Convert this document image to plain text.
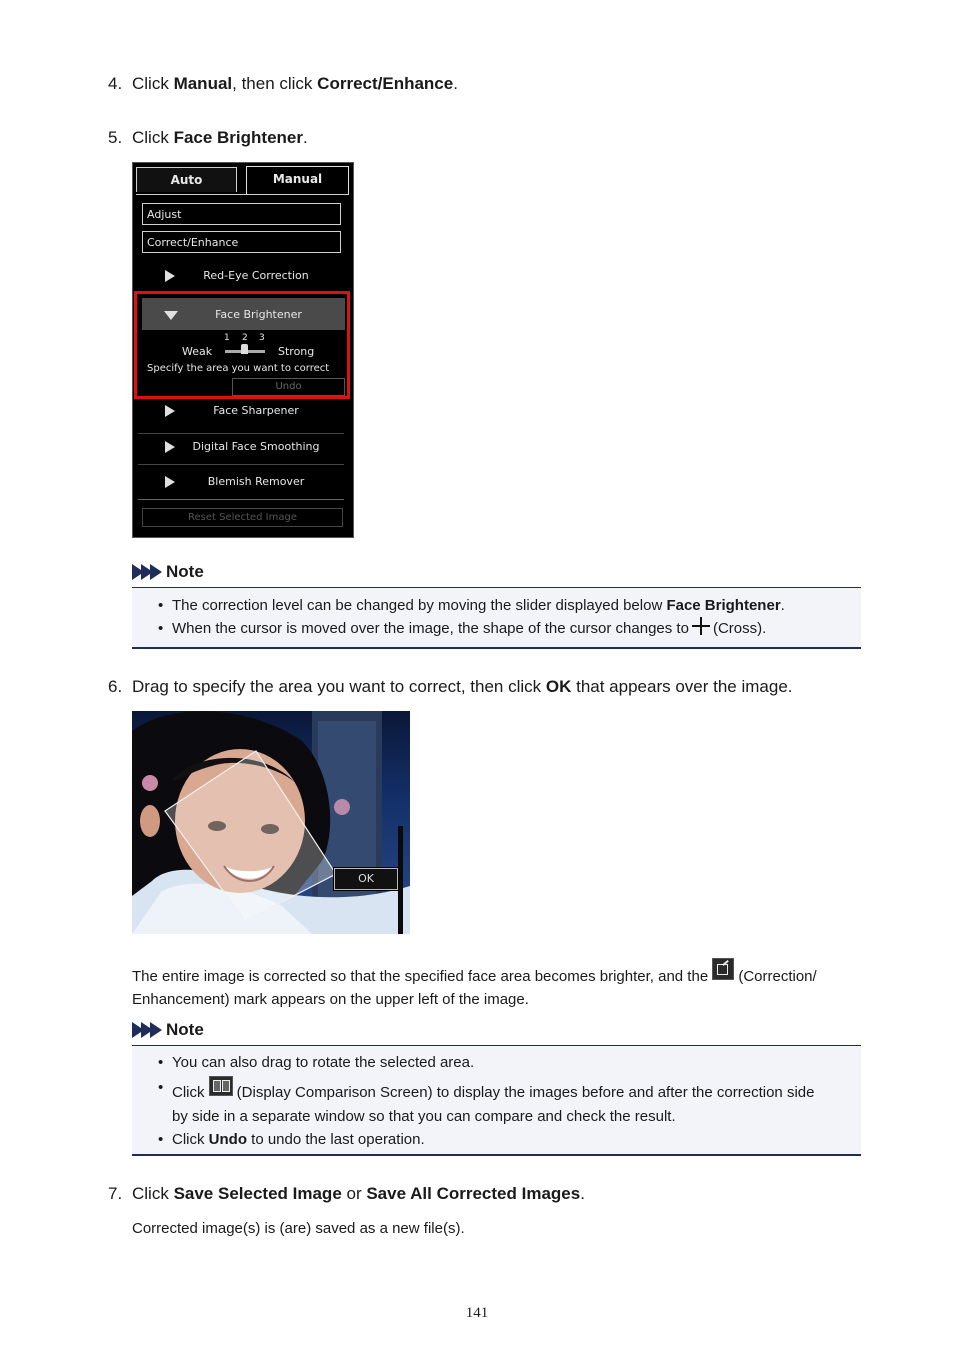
4. Click Manual, then click Correct/Enhance.
5. Click Face Brightener.
Auto	Manual
Adjust
Correct/Enhance
Red-Eye Correction
Face Brightener
1 2 3
Weak	Strong
Specify the area you want to correct
Undo
Face Sharpener
Digital Face Smoothing
Blemish Remover
Reset Selected Image
Note
• The correction level can be changed by moving the slider displayed below Face Brightener.
• When the cursor is moved over the image, the shape of the cursor changes to (Cross).
6. Drag to specify the area you want to correct, then click OK that appears over the image.
OK
The entire image is corrected so that the specified face area becomes brighter, and the
(Correction/
Enhancement) mark appears on the upper left of the image.
Note
• You can also drag to rotate the selected area.
• Click
(Display Comparison Screen) to display the images before and after the correction side
by side in a separate window so that you can compare and check the result.
• Click Undo to undo the last operation.
7. Click Save Selected Image or Save All Corrected Images.
Corrected image(s) is (are) saved as a new file(s).
141
